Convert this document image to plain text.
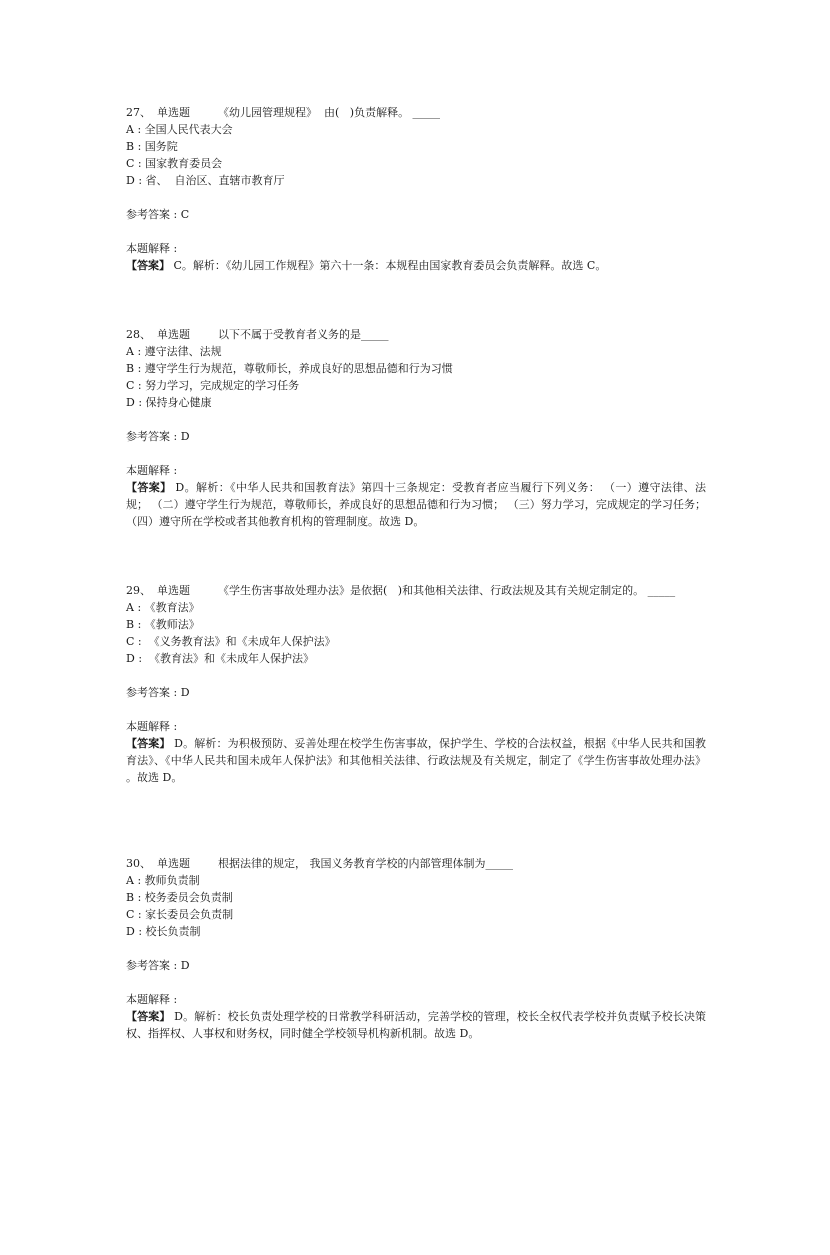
27、 单选题	《幼儿园管理规程》  由(   )负责解释。 _____

A : 全国人民代表大会
B : 国务院
C : 国家教育委员会
D : 省、  自治区、直辖市教育厅

参考答案 : C

本题解释 :

【答案】 C。解析：《幼儿园工作规程》第六十一条：本规程由国家教育委员会负责解释。故选 C。

28、 单选题	以下不属于受教育者义务的是_____

A : 遵守法律、法规
B : 遵守学生行为规范，尊敬师长，养成良好的思想品德和行为习惯
C : 努力学习，完成规定的学习任务
D : 保持身心健康

参考答案 : D

本题解释 :

【答案】 D。解析：《中华人民共和国教育法》第四十三条规定：受教育者应当履行下列义务： （一）遵守法律、法规； （二）遵守学生行为规范，尊敬师长，养成良好的思想品德和行为习惯； （三）努力学习，完成规定的学习任务； （四）遵守所在学校或者其他教育机构的管理制度。故选 D。

29、 单选题	《学生伤害事故处理办法》是依据(   )和其他相关法律、行政法规及其有关规定制定的。 _____

A : 《教育法》
B : 《教师法》
C :  《义务教育法》和《未成年人保护法》
D :  《教育法》和《未成年人保护法》

参考答案 : D

本题解释 :

【答案】 D。解析：为积极预防、妥善处理在校学生伤害事故，保护学生、学校的合法权益，根据《中华人民共和国教育法》、《中华人民共和国未成年人保护法》和其他相关法律、行政法规及有关规定，制定了《学生伤害事故处理办法》 。故选 D。

30、 单选题	根据法律的规定， 我国义务教育学校的内部管理体制为_____

A : 教师负责制
B : 校务委员会负责制
C : 家长委员会负责制
D : 校长负责制

参考答案 : D

本题解释 :

【答案】 D。解析：校长负责处理学校的日常教学科研活动，完善学校的管理，校长全权代表学校并负责赋予校长决策权、指挥权、人事权和财务权，同时健全学校领导机构新机制。故选 D。
